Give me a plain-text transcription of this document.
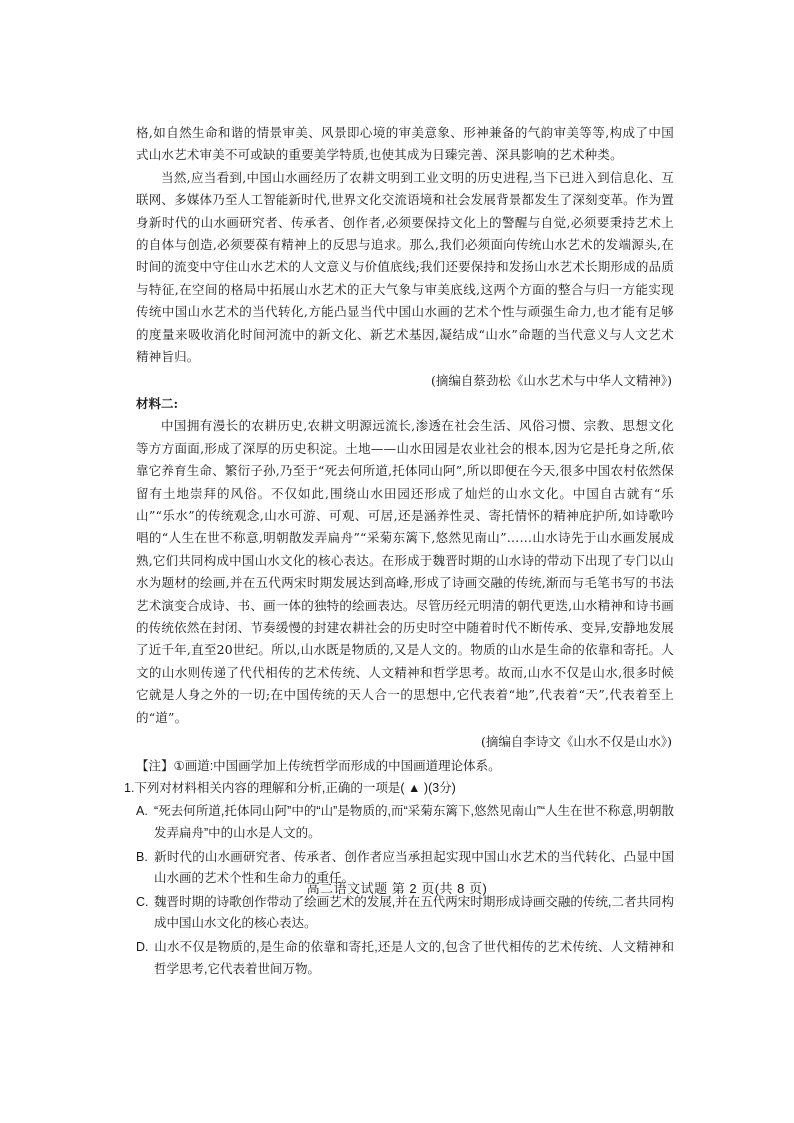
格,如自然生命和谐的情景审美、风景即心境的审美意象、形神兼备的气韵审美等等,构成了中国式山水艺术审美不可或缺的重要美学特质,也使其成为日臻完善、深具影响的艺术种类。

当然,应当看到,中国山水画经历了农耕文明到工业文明的历史进程,当下已进入到信息化、互联网、多媒体乃至人工智能新时代,世界文化交流语境和社会发展背景都发生了深刻变革。作为置身新时代的山水画研究者、传承者、创作者,必须要保持文化上的警醒与自觉,必须要秉持艺术上的自体与创造,必须要葆有精神上的反思与追求。那么,我们必须面向传统山水艺术的发端源头,在时间的流变中守住山水艺术的人文意义与价值底线;我们还要保持和发扬山水艺术长期形成的品质与特征,在空间的格局中拓展山水艺术的正大气象与审美底线,这两个方面的整合与归一方能实现传统中国山水艺术的当代转化,方能凸显当代中国山水画的艺术个性与顽强生命力,也才能有足够的度量来吸收消化时间河流中的新文化、新艺术基因,凝结成“山水”命题的当代意义与人文艺术精神旨归。

(摘编自蔡劲松《山水艺术与中华人文精神》)

材料二:

中国拥有漫长的农耕历史,农耕文明源远流长,渗透在社会生活、风俗习惯、宗教、思想文化等方方面面,形成了深厚的历史积淀。土地——山水田园是农业社会的根本,因为它是托身之所,依靠它养育生命、繁衍子孙,乃至于“死去何所道,托体同山阿”,所以即便在今天,很多中国农村依然保留有土地崇拜的风俗。不仅如此,围绕山水田园还形成了灿烂的山水文化。中国自古就有“乐山”“乐水”的传统观念,山水可游、可观、可居,还是涵养性灵、寄托情怀的精神庇护所,如诗歌吟唱的“人生在世不称意,明朝散发弄扁舟”“采菊东篱下,悠然见南山”……山水诗先于山水画发展成熟,它们共同构成中国山水文化的核心表达。在形成于魏晋时期的山水诗的带动下出现了专门以山水为题材的绘画,并在五代两宋时期发展达到高峰,形成了诗画交融的传统,渐而与毛笔书写的书法艺术演变合成诗、书、画一体的独特的绘画表达。尽管历经元明清的朝代更迭,山水精神和诗书画的传统依然在封闭、节奏缓慢的封建农耕社会的历史时空中随着时代不断传承、变异,安静地发展了近千年,直至20世纪。所以,山水既是物质的,又是人文的。物质的山水是生命的依靠和寄托。人文的山水则传递了代代相传的艺术传统、人文精神和哲学思考。故而,山水不仅是山水,很多时候它就是人身之外的一切;在中国传统的天人合一的思想中,它代表着“地”,代表着“天”,代表着至上的“道”。

(摘编自李诗文《山水不仅是山水》)

【注】①画道:中国画学加上传统哲学而形成的中国画道理论体系。

1.下列对材料相关内容的理解和分析,正确的一项是( ▲ )(3分)

A. “死去何所道,托体同山阿”中的“山”是物质的,而“采菊东篱下,悠然见南山”“人生在世不称意,明朝散发弄扁舟”中的山水是人文的。

B. 新时代的山水画研究者、传承者、创作者应当承担起实现中国山水艺术的当代转化、凸显中国山水画的艺术个性和生命力的重任。

C. 魏晋时期的诗歌创作带动了绘画艺术的发展,并在五代两宋时期形成诗画交融的传统,二者共同构成中国山水文化的核心表达。

D. 山水不仅是物质的,是生命的依靠和寄托,还是人文的,包含了世代相传的艺术传统、人文精神和哲学思考,它代表着世间万物。

高二语文试题 第 2 页(共 8 页)
